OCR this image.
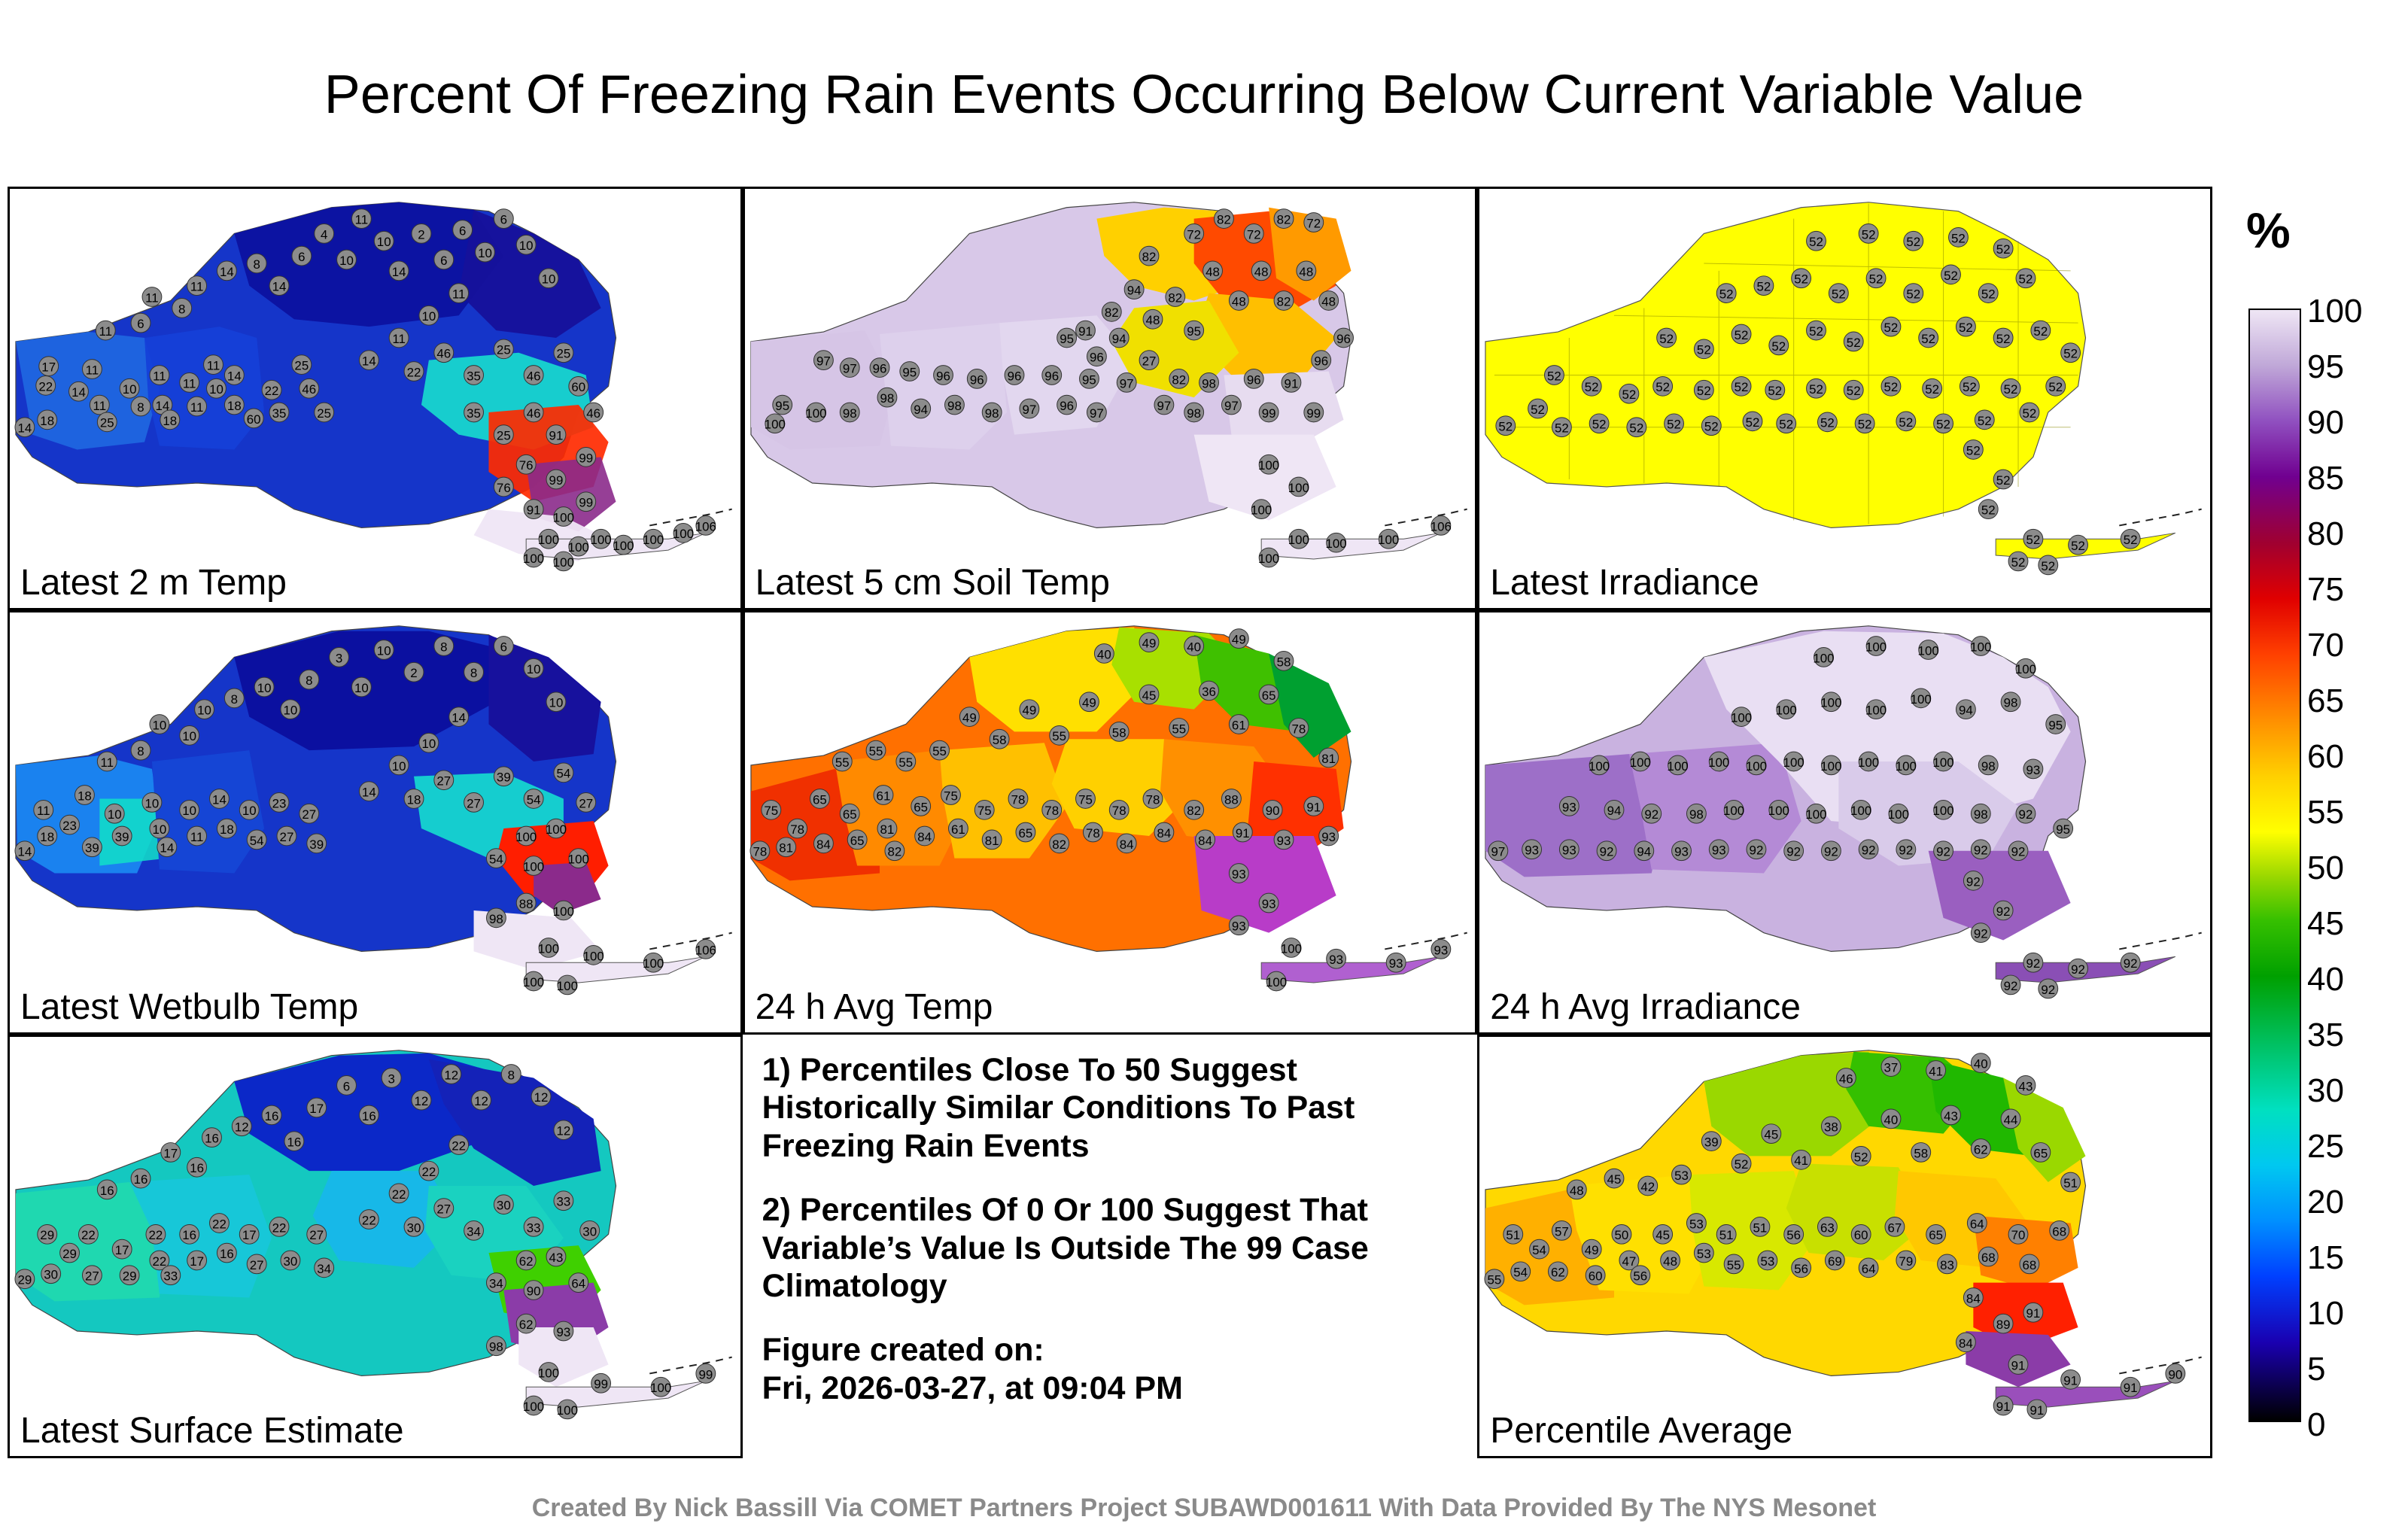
Percent Of Freezing Rain Events Occurring Below Current Variable Value
14
17 11
22 14
18
11
25
10
8
11
14
18
11
11
11
10
14
18
60
22
35
25
46
25
11
6
11
8
11
14
8
14
6
4
10
11
10
14
2
6
6
10
6
10
10
11
10
11
14
22
46
35
25
46
25
60
46
25	91
35	46
76
99
76
99
91
100
99
100
100
100 100 100 100
106
100 100
Latest 2 m Temp
100
95
100
97
97
98
96
98
95
94
96
98
96
98
96
97
96
96
95
97
95
96
94
97
27
97
82
98
98
97
96
99
91
99
91
82
94
48
82
95
48
48
48
82
48
48
96
96
72
82
72
82 72
82
100
100
100
100 100 100
106
100
Latest 5 cm Soil Temp
52
52
52
52
52
52
52
52
52
52
52
52
52
52
52
52
52
52
52
52
52
52
52
52
52
52
52
52
52
52
52
52
52
52
52
52
52
52
52
52
52
52
52
52
52
52
52
52
52
52
52
52
52 52
52
52
52
52
52 52	52
52 52
Latest Irradiance
14
11
23
18
18
39
10
39
10
10
14
10
11
14
18
10
54
23
27
27
39
11
8
10
10
10
8
10
10
8
3
10
10
2
8
8
6
10
10
14
10
10
14
18
27
27
39
54
54
27
100
100
54
100
100
88
100
98
100
100
100
106
100 100
Latest Wetbulb Temp
78
75
78
81
65
84
65
65
61
81
82
65
84
75
61
75
81
78
65
78
82
75
78
78
84
78
84
82
84
88
91
90
93
91
93
55
55
55
55
49
58
49
55
49
58
45
55
36
61
65
78
81
40
49 40
49
58
93
93
93
100
93	93
93
100
24 h Avg Temp
97 93 93 92 94
93 94 92
93 93
98 100
92 92
100 100
92 92
100 100
92 92
100 98
92 92
92
95
100 100 100 100 100 100 100 100 100 100 98 93
100
100
100
100
100
94
98
95
100
100 100 100
100
92
92
92
92 92	92
92 92
24 h Avg Irradiance
29
29
29
30
22
27
17
29
22
22
33
16
17
22
16
17
27
22
30
27
34
16
16
17
16
16
12
16
16
17
6
16
3
12
12
12
8
12
12
22
22
22
22
30
27
34
30
33
33
30
62 43
34
90
64
62
93
98
100
99	100
99
100 100
Latest Surface Estimate

1) Percentiles Close To 50 Suggest Historically Similar Conditions To Past Freezing Rain Events

2) Percentiles Of 0 Or 100 Suggest That Variable’s Value Is Outside The 99 Case Climatology

Figure created on:

Fri, 2026-03-27, at 09:04 PM

55
51
54
54
57
62
49
60
50
47
56
45
48
53
53
51
55
51
53
56
56
63
69
60
64
67
79
65
83
64
68
70
68
68
48
45
42
53
39
52
45
41
38
52
40
58
43
62
44
65
51
46
37 41
40
43
84
89
91
84
91
91
91
90
91 91
Percentile Average
%
100
95
90
85
80
75
70
65
60
55
50
45
40
35
30
25
20
15
10
5
0
Created By Nick Bassill Via COMET Partners Project SUBAWD001611 With Data Provided By The NYS Mesonet
